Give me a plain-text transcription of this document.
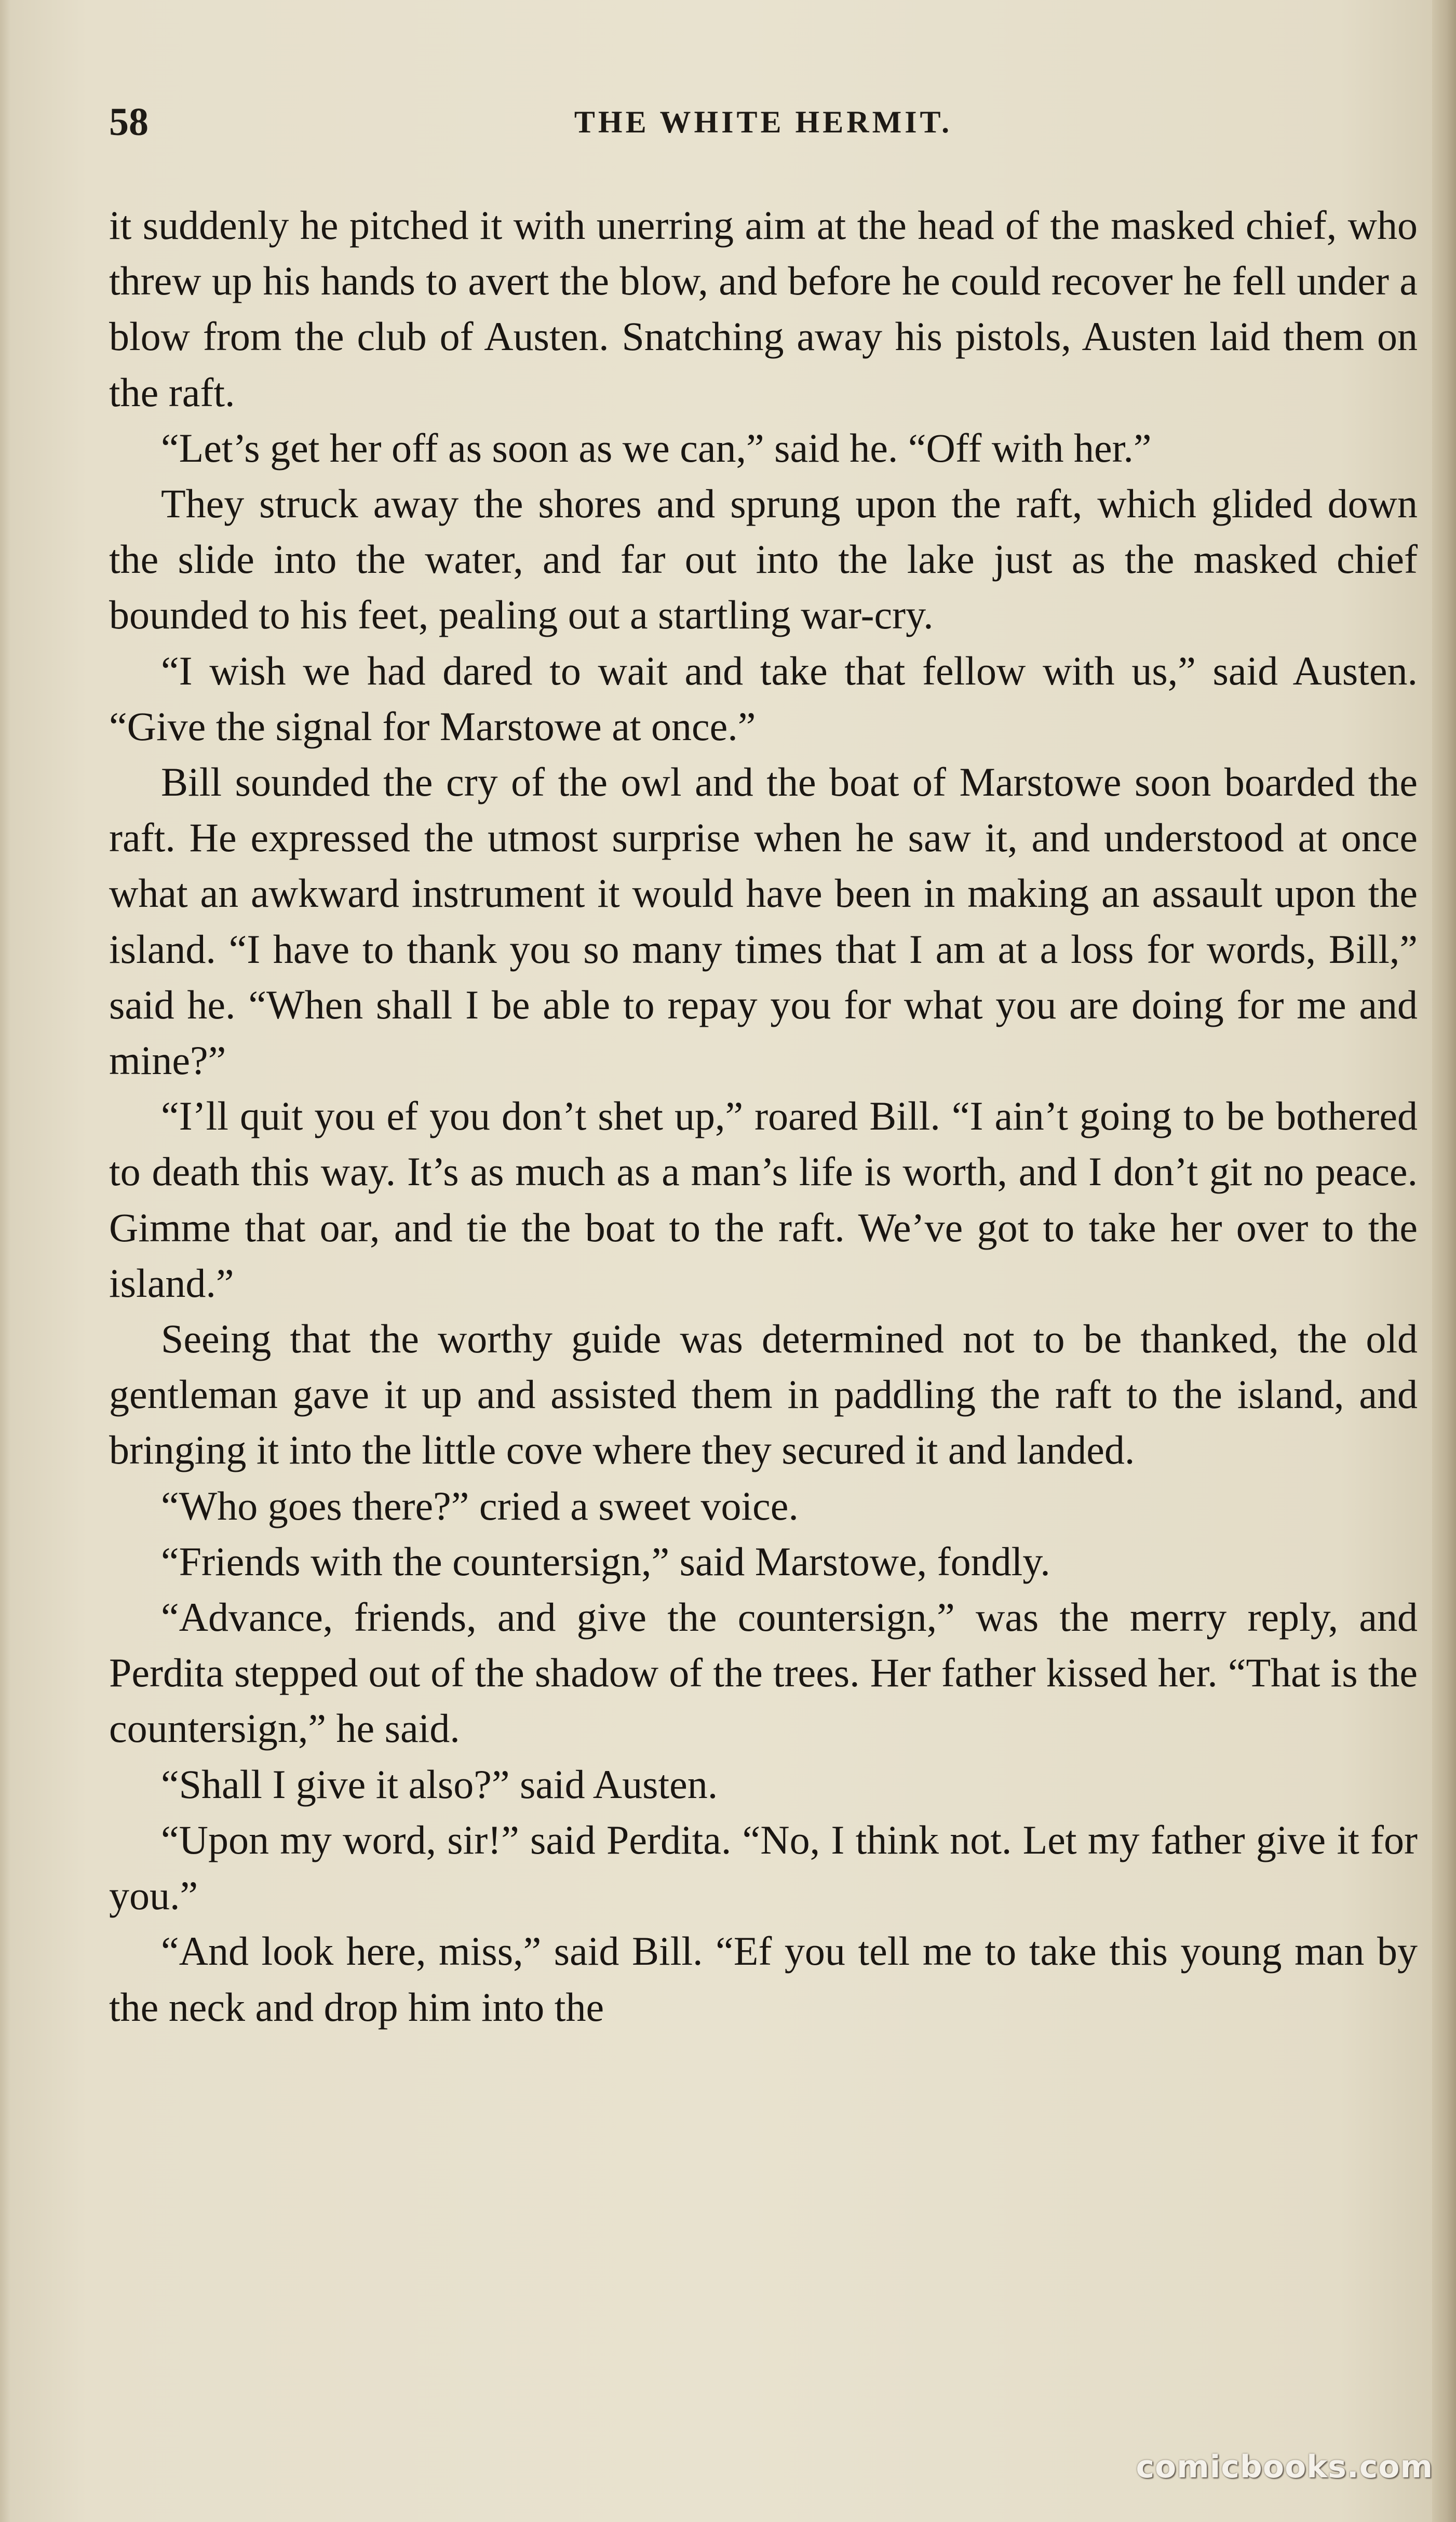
58	THE WHITE HERMIT.

it suddenly he pitched it with unerring aim at the head of the masked chief, who threw up his hands to avert the blow, and before he could recover he fell under a blow from the club of Austen. Snatching away his pistols, Austen laid them on the raft.

“Let’s get her off as soon as we can,” said he. “Off with her.”

They struck away the shores and sprung upon the raft, which glided down the slide into the water, and far out into the lake just as the masked chief bounded to his feet, pealing out a startling war-cry.

“I wish we had dared to wait and take that fellow with us,” said Austen. “Give the signal for Marstowe at once.”

Bill sounded the cry of the owl and the boat of Marstowe soon boarded the raft. He expressed the utmost surprise when he saw it, and understood at once what an awkward instrument it would have been in making an assault upon the island. “I have to thank you so many times that I am at a loss for words, Bill,” said he. “When shall I be able to repay you for what you are doing for me and mine?”

“I’ll quit you ef you don’t shet up,” roared Bill. “I ain’t going to be bothered to death this way. It’s as much as a man’s life is worth, and I don’t git no peace. Gimme that oar, and tie the boat to the raft. We’ve got to take her over to the island.”

Seeing that the worthy guide was determined not to be thanked, the old gentleman gave it up and assisted them in paddling the raft to the island, and bringing it into the little cove where they secured it and landed.

“Who goes there?” cried a sweet voice.

“Friends with the countersign,” said Marstowe, fondly.

“Advance, friends, and give the countersign,” was the merry reply, and Perdita stepped out of the shadow of the trees. Her father kissed her. “That is the countersign,” he said.

“Shall I give it also?” said Austen.

“Upon my word, sir!” said Perdita. “No, I think not. Let my father give it for you.”

“And look here, miss,” said Bill. “Ef you tell me to take this young man by the neck and drop him into the

comicbooks.com
